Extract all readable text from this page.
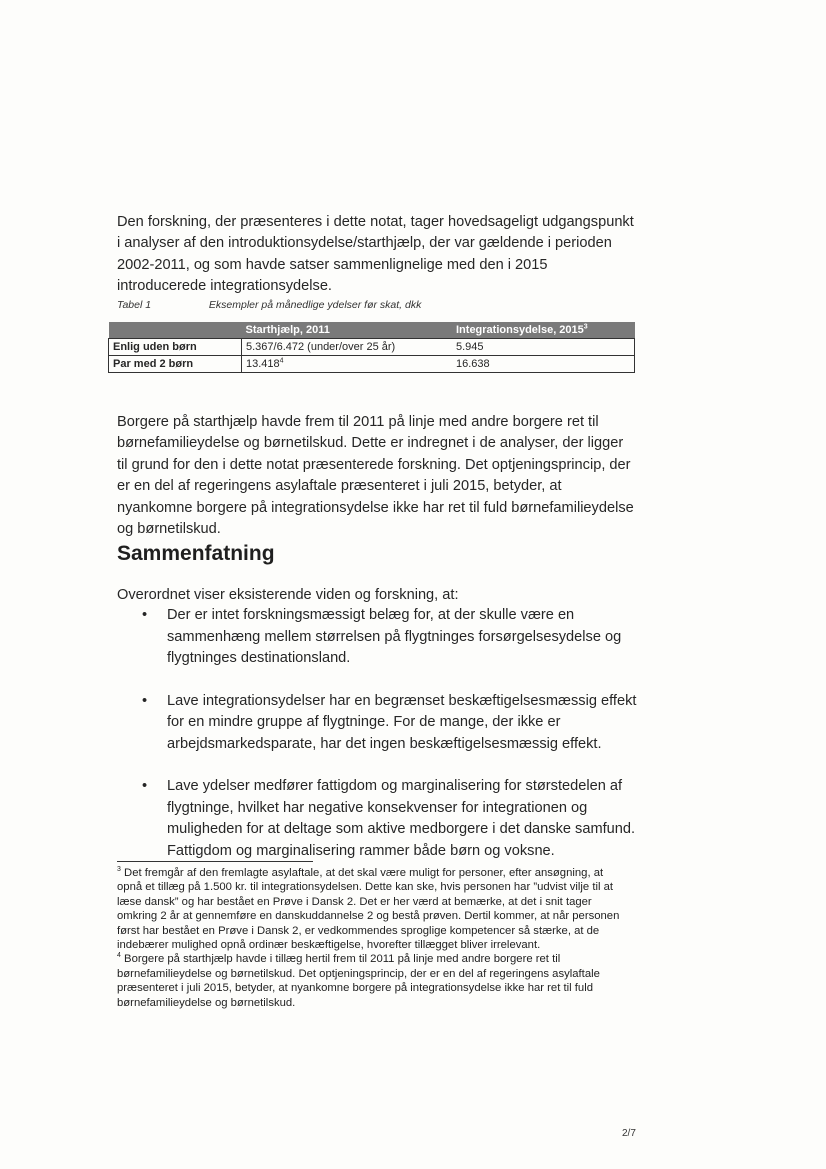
Den forskning, der præsenteres i dette notat, tager hovedsageligt udgangspunkt i analyser af den introduktionsydelse/starthjælp, der var gældende i perioden 2002-2011, og som havde satser sammenlignelige med den i 2015 introducerede integrationsydelse.

Tabel 1	Eksempler på månedlige ydelser før skat, dkk
	Starthjælp, 2011	Integrationsydelse, 2015$^3$
Enlig uden børn	5.367/6.472 (under/over 25 år)	5.945
Par med 2 børn	13.418$^4$	16.638

Borgere på starthjælp havde frem til 2011 på linje med andre borgere ret til børnefamilieydelse og børnetilskud. Dette er indregnet i de analyser, der ligger til grund for den i dette notat præsenterede forskning. Det optjeningsprincip, der er en del af regeringens asylaftale præsenteret i juli 2015, betyder, at nyankomne borgere på integrationsydelse ikke har ret til fuld børnefamilieydelse og børnetilskud.

Sammenfatning

Overordnet viser eksisterende viden og forskning, at:

• Der er intet forskningsmæssigt belæg for, at der skulle være en sammenhæng mellem størrelsen på flygtninges forsørgelsesydelse og flygtninges destinationsland.
• Lave integrationsydelser har en begrænset beskæftigelsesmæssig effekt for en mindre gruppe af flygtninge. For de mange, der ikke er arbejdsmarkedsparate, har det ingen beskæftigelsesmæssig effekt.
• Lave ydelser medfører fattigdom og marginalisering for størstedelen af flygtninge, hvilket har negative konsekvenser for integrationen og muligheden for at deltage som aktive medborgere i det danske samfund. Fattigdom og marginalisering rammer både børn og voksne.

$^3$ Det fremgår af den fremlagte asylaftale, at det skal være muligt for personer, efter ansøgning, at opnå et tillæg på 1.500 kr. til integrationsydelsen. Dette kan ske, hvis personen har ”udvist vilje til at læse dansk” og har bestået en Prøve i Dansk 2. Det er her værd at bemærke, at det i snit tager omkring 2 år at gennemføre en danskuddannelse 2 og bestå prøven. Dertil kommer, at når personen først har bestået en Prøve i Dansk 2, er vedkommendes sproglige kompetencer så stærke, at de indebærer mulighed opnå ordinær beskæftigelse, hvorefter tillægget bliver irrelevant.

$^4$ Borgere på starthjælp havde i tillæg hertil frem til 2011 på linje med andre borgere ret til børnefamilieydelse og børnetilskud. Det optjeningsprincip, der er en del af regeringens asylaftale præsenteret i juli 2015, betyder, at nyankomne borgere på integrationsydelse ikke har ret til fuld børnefamilieydelse og børnetilskud.

2/7
